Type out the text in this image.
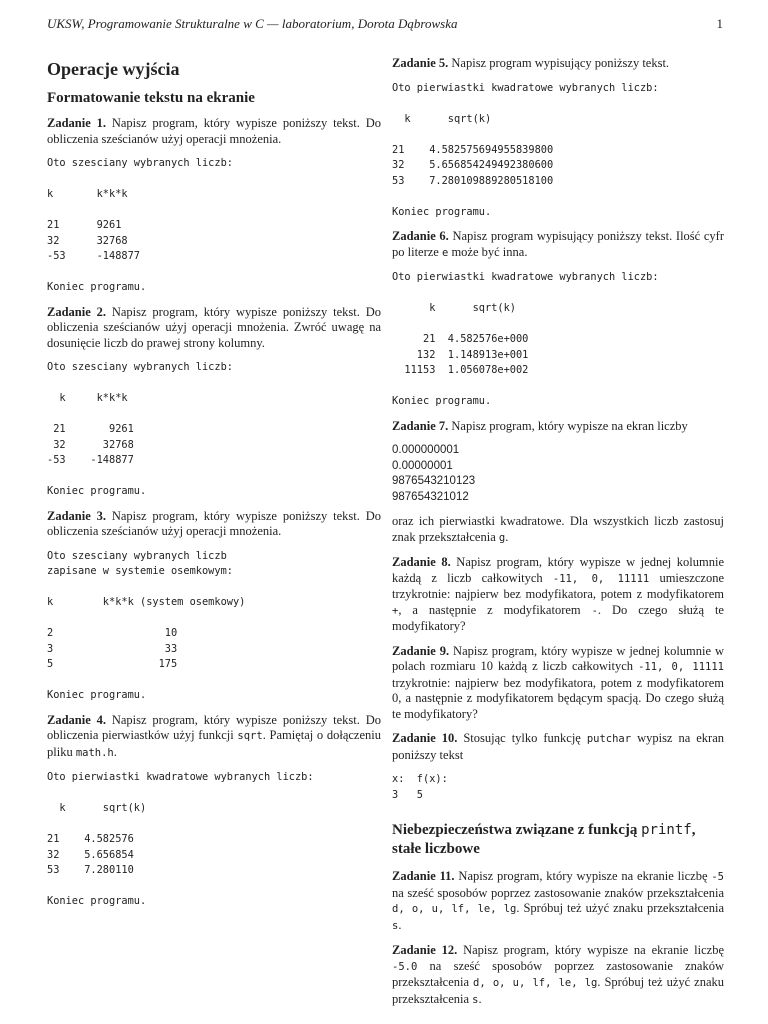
UKSW, Programowanie Strukturalne w C — laboratorium, Dorota Dąbrowska	1
Operacje wyjścia
Formatowanie tekstu na ekranie

Zadanie 1. Napisz program, który wypisze poniższy tekst. Do obliczenia sześcianów użyj operacji mnożenia.

Oto szesciany wybranych liczb:

k       k*k*k

21      9261
32      32768
-53     -148877

Koniec programu.

Zadanie 2. Napisz program, który wypisze poniższy tekst. Do obliczenia sześcianów użyj operacji mnożenia. Zwróć uwagę na dosunięcie liczb do prawej strony kolumny.

Oto szesciany wybranych liczb:

k     k*k*k

21       9261
32      32768
-53    -148877

Koniec programu.

Zadanie 3. Napisz program, który wypisze poniższy tekst. Do obliczenia sześcianów użyj operacji mnożenia.

Oto szesciany wybranych liczb
zapisane w systemie osemkowym:

k        k*k*k (system osemkowy)

2                  10
3                  33
5                 175

Koniec programu.

Zadanie 4. Napisz program, który wypisze poniższy tekst. Do obliczenia pierwiastków użyj funkcji sqrt. Pamiętaj o dołączeniu pliku math.h.

Oto pierwiastki kwadratowe wybranych liczb:

k      sqrt(k)

21    4.582576
32    5.656854
53    7.280110

Koniec programu.

Zadanie 5. Napisz program wypisujący poniższy tekst.

Oto pierwiastki kwadratowe wybranych liczb:

k      sqrt(k)

21    4.582575694955839800
32    5.656854249492380600
53    7.280109889280518100

Koniec programu.

Zadanie 6. Napisz program wypisujący poniższy tekst. Ilość cyfr po literze e może być inna.

Oto pierwiastki kwadratowe wybranych liczb:

k      sqrt(k)

21  4.582576e+000
132  1.148913e+001
11153  1.056078e+002

Koniec programu.

Zadanie 7. Napisz program, który wypisze na ekran liczby

0.000000001
0.00000001
9876543210123
987654321012

oraz ich pierwiastki kwadratowe. Dla wszystkich liczb zastosuj znak przekształcenia g.

Zadanie 8. Napisz program, który wypisze w jednej kolumnie każdą z liczb całkowitych -11, 0, 11111 umieszczone trzykrotnie: najpierw bez modyfikatora, potem z modyfikatorem +, a następnie z modyfikatorem -. Do czego służą te modyfikatory?

Zadanie 9. Napisz program, który wypisze w jednej kolumnie w polach rozmiaru 10 każdą z liczb całkowitych -11, 0, 11111 trzykrotnie: najpierw bez modyfikatora, potem z modyfikatorem 0, a następnie z modyfikatorem będącym spacją. Do czego służą te modyfikatory?

Zadanie 10. Stosując tylko funkcję putchar wypisz na ekran poniższy tekst

x:  f(x):
3   5
Niebezpieczeństwa związane z funkcją printf, stałe liczbowe

Zadanie 11. Napisz program, który wypisze na ekranie liczbę -5 na sześć sposobów poprzez zastosowanie znaków przekształcenia d, o, u, lf, le, lg. Spróbuj też użyć znaku przekształcenia s.

Zadanie 12. Napisz program, który wypisze na ekranie liczbę -5.0 na sześć sposobów poprzez zastosowanie znaków przekształcenia d, o, u, lf, le, lg. Spróbuj też użyć znaku przekształcenia s.
